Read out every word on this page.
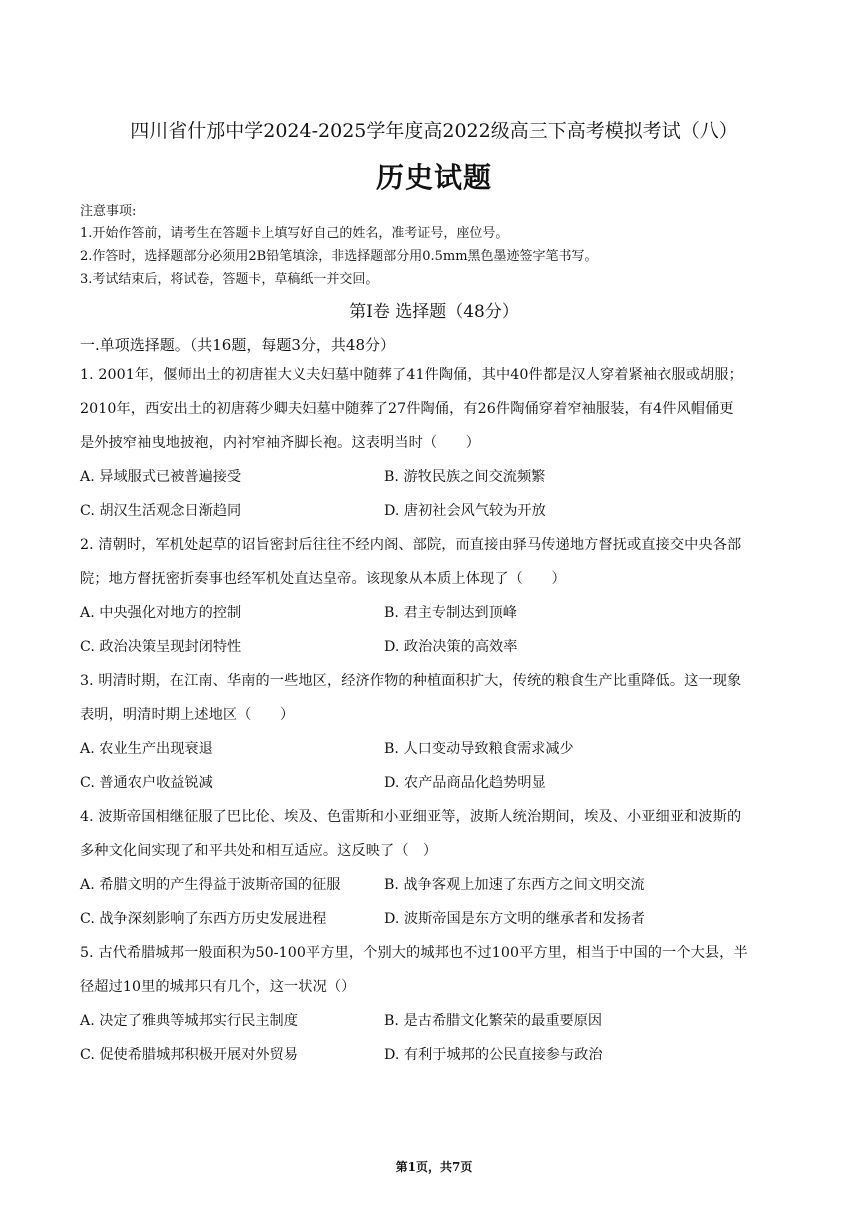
四川省什邡中学2024-2025学年度高2022级高三下高考模拟考试（八）
历史试题
注意事项:
1.开始作答前，请考生在答题卡上填写好自己的姓名，准考证号，座位号。
2.作答时，选择题部分必须用2B铅笔填涂，非选择题部分用0.5mm黑色墨迹签字笔书写。
3.考试结束后，将试卷，答题卡，草稿纸一并交回。
第I卷 选择题（48分）
一.单项选择题。（共16题，每题3分，共48分）
1. 2001年，偃师出土的初唐崔大义夫妇墓中随葬了41件陶俑，其中40件都是汉人穿着紧袖衣服或胡服；
2010年，西安出土的初唐蒋少卿夫妇墓中随葬了27件陶俑，有26件陶俑穿着窄袖服装，有4件风帽俑更
是外披窄袖曳地披袍，内衬窄袖齐脚长袍。这表明当时（　　）
A. 异域服式已被普遍接受	B. 游牧民族之间交流频繁
C. 胡汉生活观念日渐趋同	D. 唐初社会风气较为开放
2. 清朝时，军机处起草的诏旨密封后往往不经内阁、部院，而直接由驿马传递地方督抚或直接交中央各部
院；地方督抚密折奏事也经军机处直达皇帝。该现象从本质上体现了（　　）
A. 中央强化对地方的控制	B. 君主专制达到顶峰
C. 政治决策呈现封闭特性	D. 政治决策的高效率
3. 明清时期，在江南、华南的一些地区，经济作物的种植面积扩大，传统的粮食生产比重降低。这一现象
表明，明清时期上述地区（　　）
A. 农业生产出现衰退	B. 人口变动导致粮食需求减少
C. 普通农户收益锐减	D. 农产品商品化趋势明显
4. 波斯帝国相继征服了巴比伦、埃及、色雷斯和小亚细亚等，波斯人统治期间，埃及、小亚细亚和波斯的
多种文化间实现了和平共处和相互适应。这反映了（　）
A. 希腊文明的产生得益于波斯帝国的征服	B. 战争客观上加速了东西方之间文明交流
C. 战争深刻影响了东西方历史发展进程	D. 波斯帝国是东方文明的继承者和发扬者
5. 古代希腊城邦一般面积为50-100平方里，个别大的城邦也不过100平方里，相当于中国的一个大县，半
径超过10里的城邦只有几个，这一状况（）
A. 决定了雅典等城邦实行民主制度	B. 是古希腊文化繁荣的最重要原因
C. 促使希腊城邦积极开展对外贸易	D. 有利于城邦的公民直接参与政治
第1页，共7页
